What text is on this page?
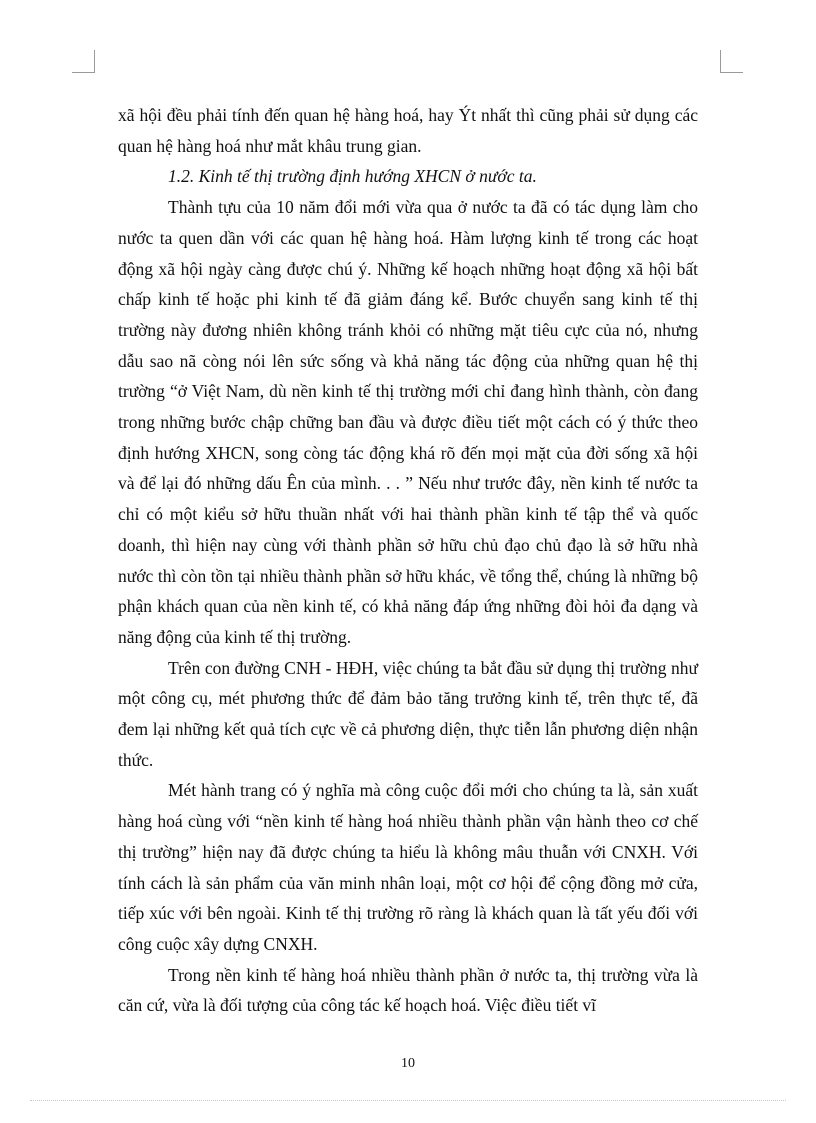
xã hội đều phải tính đến quan hệ hàng hoá, hay Ýt nhất thì cũng phải sử dụng các quan hệ hàng hoá như mắt khâu trung gian.

1.2. Kinh tế thị trường định hướng XHCN ở nước ta.

Thành tựu của 10 năm đổi mới vừa qua ở nước ta đã có tác dụng làm cho nước ta quen dần với các quan hệ hàng hoá. Hàm lượng kinh tế trong các hoạt động xã hội ngày càng được chú ý. Những kế hoạch những hoạt động xã hội bất chấp kinh tế hoặc phi kinh tế đã giảm đáng kể. Bước chuyển sang kinh tế thị trường này đương nhiên không tránh khỏi có những mặt tiêu cực của nó, nhưng dẫu sao nã còng nói lên sức sống và khả năng tác động của những quan hệ thị trường “ở Việt Nam, dù nền kinh tế thị trường mới chỉ đang hình thành, còn đang trong những bước chập chững ban đầu và được điều tiết một cách có ý thức theo định hướng XHCN, song còng tác động khá rõ đến mọi mặt của đời sống xã hội và để lại đó những dấu Ên của mình. . . ” Nếu như trước đây, nền kinh tế nước ta chỉ có một kiểu sở hữu thuần nhất với hai thành phần kinh tế tập thể và quốc doanh, thì hiện nay cùng với thành phần sở hữu chủ đạo chủ đạo là sở hữu nhà nước thì còn tồn tại nhiều thành phần sở hữu khác, về tổng thể, chúng là những bộ phận khách quan của nền kinh tế, có khả năng đáp ứng những đòi hỏi đa dạng và năng động của kinh tế thị trường.

Trên con đường CNH - HĐH, việc chúng ta bắt đầu sử dụng thị trường như một công cụ, mét phương thức để đảm bảo tăng trưởng kinh tế, trên thực tế, đã đem lại những kết quả tích cực về cả phương diện, thực tiễn lẫn phương diện nhận thức.

Mét hành trang có ý nghĩa mà công cuộc đổi mới cho chúng ta là, sản xuất hàng hoá cùng với “nền kinh tế hàng hoá nhiều thành phần vận hành theo cơ chế thị trường” hiện nay đã được chúng ta hiểu là không mâu thuẫn với CNXH. Với tính cách là sản phẩm của văn minh nhân loại, một cơ hội để cộng đồng mở cửa, tiếp xúc với bên ngoài. Kinh tế thị trường rõ ràng là khách quan là tất yếu đối với công cuộc xây dựng CNXH.

Trong nền kinh tế hàng hoá nhiều thành phần ở nước ta, thị trường vừa là căn cứ, vừa là đối tượng của công tác kế hoạch hoá. Việc điều tiết vĩ

10
